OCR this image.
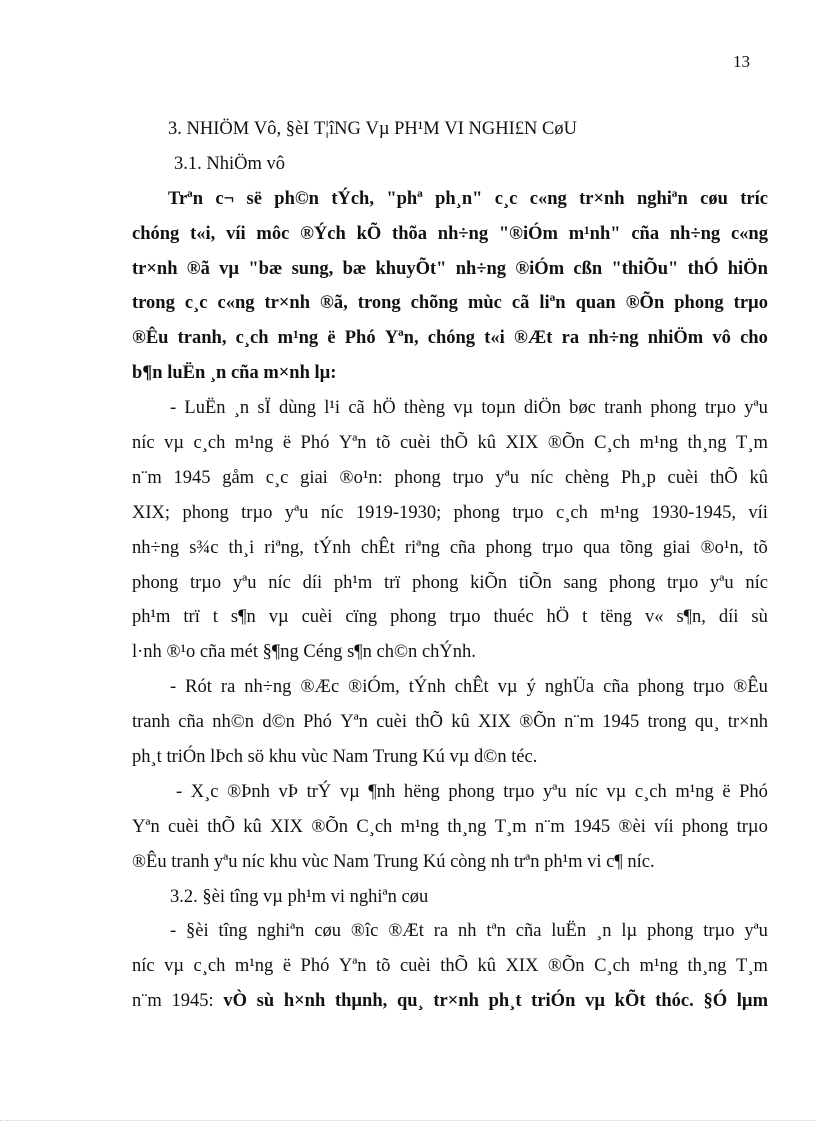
13
3. NHIÖM Vô, §èI T¦îNG Vµ PH¹M VI NGHI£N CøU
3.1. NhiÖm vô
Trªn c¬ së ph©n tÝch, "phª ph¸n" c¸c c«ng tr×nh nghiªn cøu tríc
chóng t«i, víi môc ®Ých kÕ thõa nh÷ng "®iÓm m¹nh" cña nh÷ng c«ng
tr×nh ®ã vµ "bæ sung, bæ khuyÕt" nh÷ng ®iÓm cßn "thiÕu" thÓ hiÖn
trong c¸c c«ng tr×nh ®ã, trong chõng mùc cã liªn quan ®Õn phong trµo
®Êu tranh, c¸ch m¹ng ë Phó Yªn, chóng t«i ®Æt ra nh÷ng nhiÖm vô cho
b¶n luËn ¸n cña m×nh lµ:
- LuËn ¸n sÏ dùng l¹i cã hÖ thèng vµ toµn diÖn bøc tranh phong trµo yªu
níc vµ c¸ch m¹ng ë Phó Yªn tõ cuèi thÕ kû XIX ®Õn C¸ch m¹ng th¸ng T¸m
n¨m 1945 gåm c¸c giai ®o¹n: phong trµo yªu níc chèng Ph¸p cuèi thÕ kû
XIX; phong trµo yªu níc 1919-1930; phong trµo c¸ch m¹ng 1930-1945, víi
nh÷ng s¾c th¸i riªng, tÝnh chÊt riªng cña phong trµo qua tõng giai ®o¹n, tõ
phong trµo yªu níc díi ph¹m trï phong kiÕn tiÕn sang phong trµo yªu níc
ph¹m trï t s¶n vµ cuèi cïng phong trµo thuéc hÖ t tëng v« s¶n, díi sù
l·nh ®¹o cña mét §¶ng Céng s¶n ch©n chÝnh.
- Rót ra nh÷ng ®Æc ®iÓm, tÝnh chÊt vµ ý nghÜa cña phong trµo ®Êu
tranh cña nh©n d©n Phó Yªn cuèi thÕ kû XIX ®Õn n¨m 1945 trong qu¸ tr×nh
ph¸t triÓn lÞch sö khu vùc Nam Trung Kú vµ d©n téc.
- X¸c ®Þnh vÞ trÝ vµ ¶nh hëng phong trµo yªu níc vµ c¸ch m¹ng ë Phó
Yªn cuèi thÕ kû XIX ®Õn C¸ch m¹ng th¸ng T¸m n¨m 1945 ®èi víi phong trµo
®Êu tranh yªu níc khu vùc Nam Trung Kú còng nh trªn ph¹m vi c¶ níc.
3.2. §èi tîng vµ ph¹m vi nghiªn cøu
- §èi tîng nghiªn cøu ®îc ®Æt ra nh tªn cña luËn ¸n lµ phong trµo yªu
níc vµ c¸ch m¹ng ë Phó Yªn tõ cuèi thÕ kû XIX ®Õn C¸ch m¹ng th¸ng T¸m
n¨m 1945: vÒ sù h×nh thµnh, qu¸ tr×nh ph¸t triÓn vµ kÕt thóc. §Ó lµm
